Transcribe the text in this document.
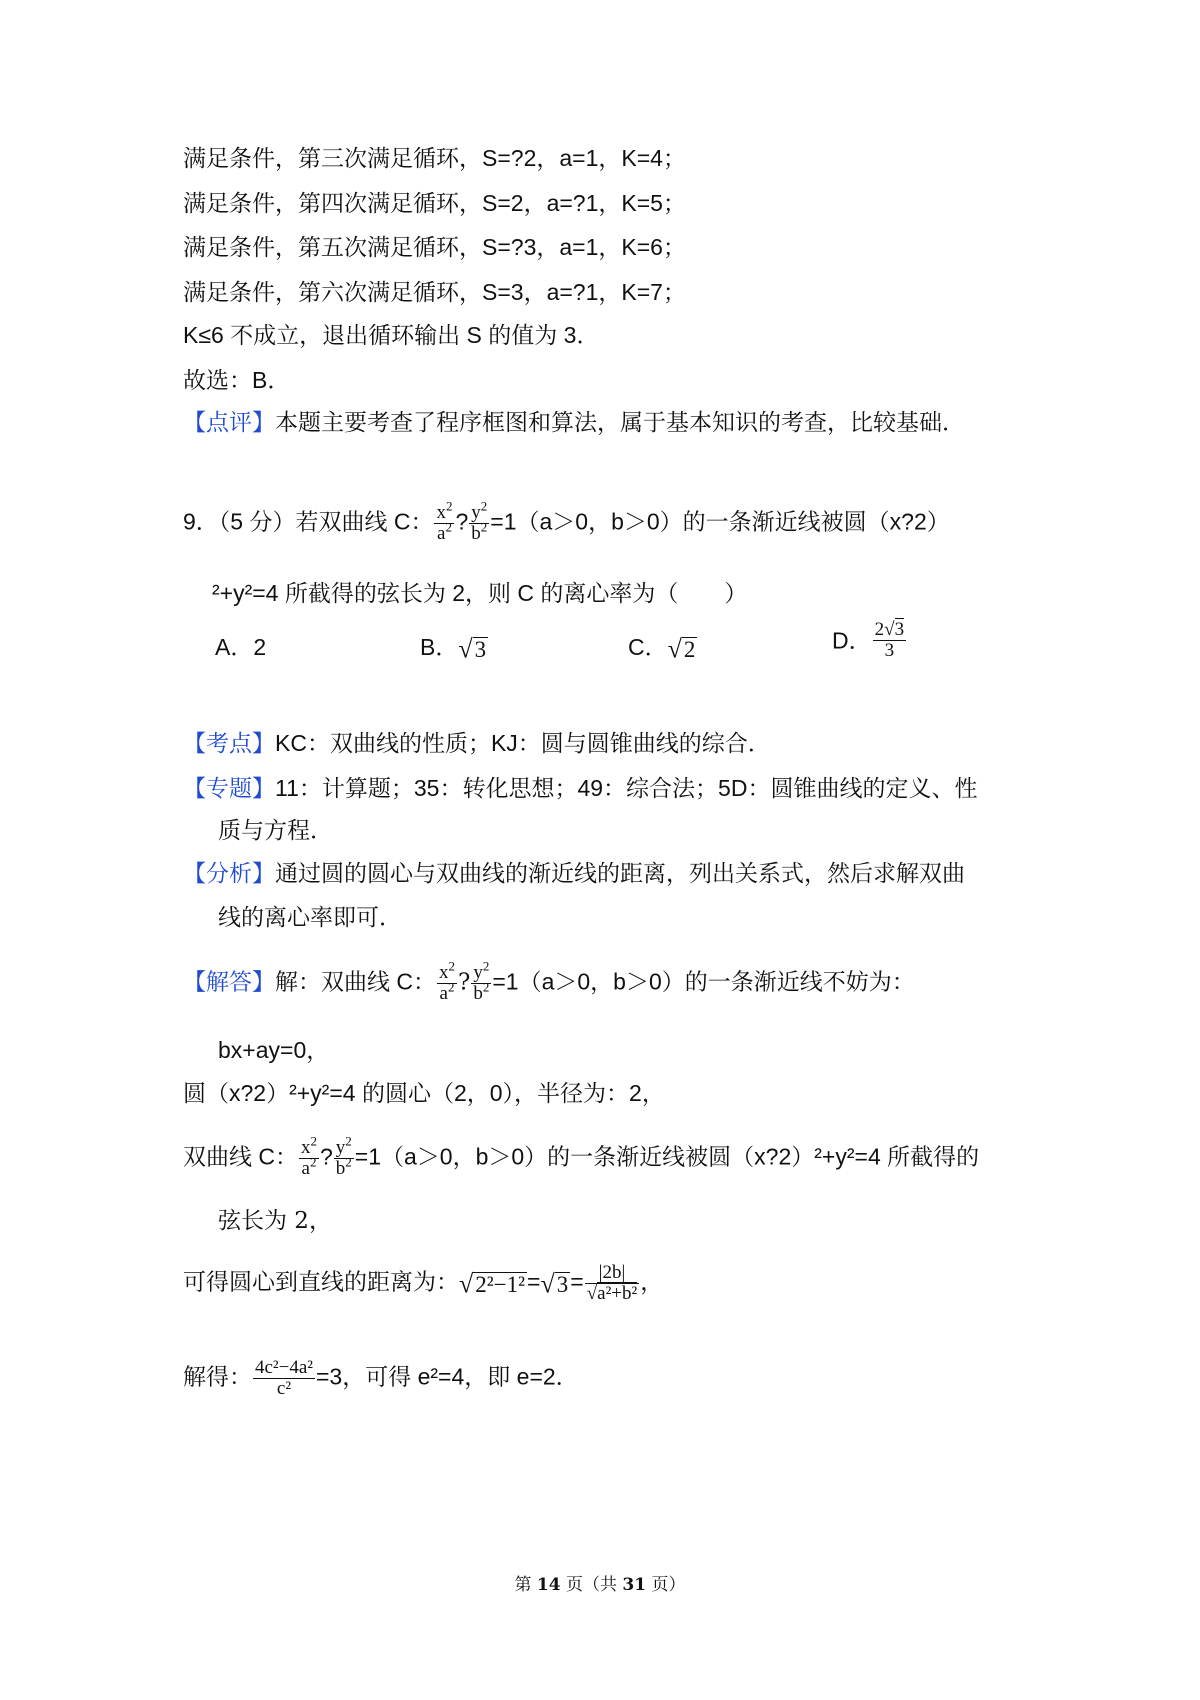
满足条件，第三次满足循环，S=?2，a=1，K=4；
满足条件，第四次满足循环，S=2，a=?1，K=5；
满足条件，第五次满足循环，S=?3，a=1，K=6；
满足条件，第六次满足循环，S=3，a=?1，K=7；
K≤6 不成立，退出循环输出 S 的值为 3．
故选：B．
【点评】本题主要考查了程序框图和算法，属于基本知识的考查，比较基础．
9．（5 分）若双曲线 C： $\frac{x^2}{a^2}$ ? $\frac{y^2}{b^2} =1(a>0$，b＞0）的一条渐近线被圆（x?2）
²+y²=4 所截得的弦长为 2，则 C 的离心率为（　　）
A．2	B．√3	C．√2	D． $\frac{2√3}{3}$
【考点】KC：双曲线的性质；KJ：圆与圆锥曲线的综合．
【专题】11：计算题；35：转化思想；49：综合法；5D：圆锥曲线的定义、性
质与方程．
【分析】通过圆的圆心与双曲线的渐近线的距离，列出关系式，然后求解双曲
线的离心率即可．
【解答】解：双曲线 C： $\frac{x^2}{a^2}$ ? $\frac{y^2}{b^2} =1(a>0$，b＞0）的一条渐近线不妨为：
bx+ay=0，
圆（x?2）²+y²=4 的圆心（2，0），半径为：2，
双曲线 C： $\frac{x^2}{a^2}$ ? $\frac{y^2}{b^2} =1(a>0$，b＞0）的一条渐近线被圆（x?2）²+y²=4 所截得的
弦长为 2，
可得圆心到直线的距离为：$√2^2-1^2=√3= \frac{|2b|}{\text{√a²+b²}}$ ，
解得： $\frac{\text{4c²−4a²}}{\text{c²}} =3$，可得 e²=4，即 e=2．
第 14 页（共 31 页）
